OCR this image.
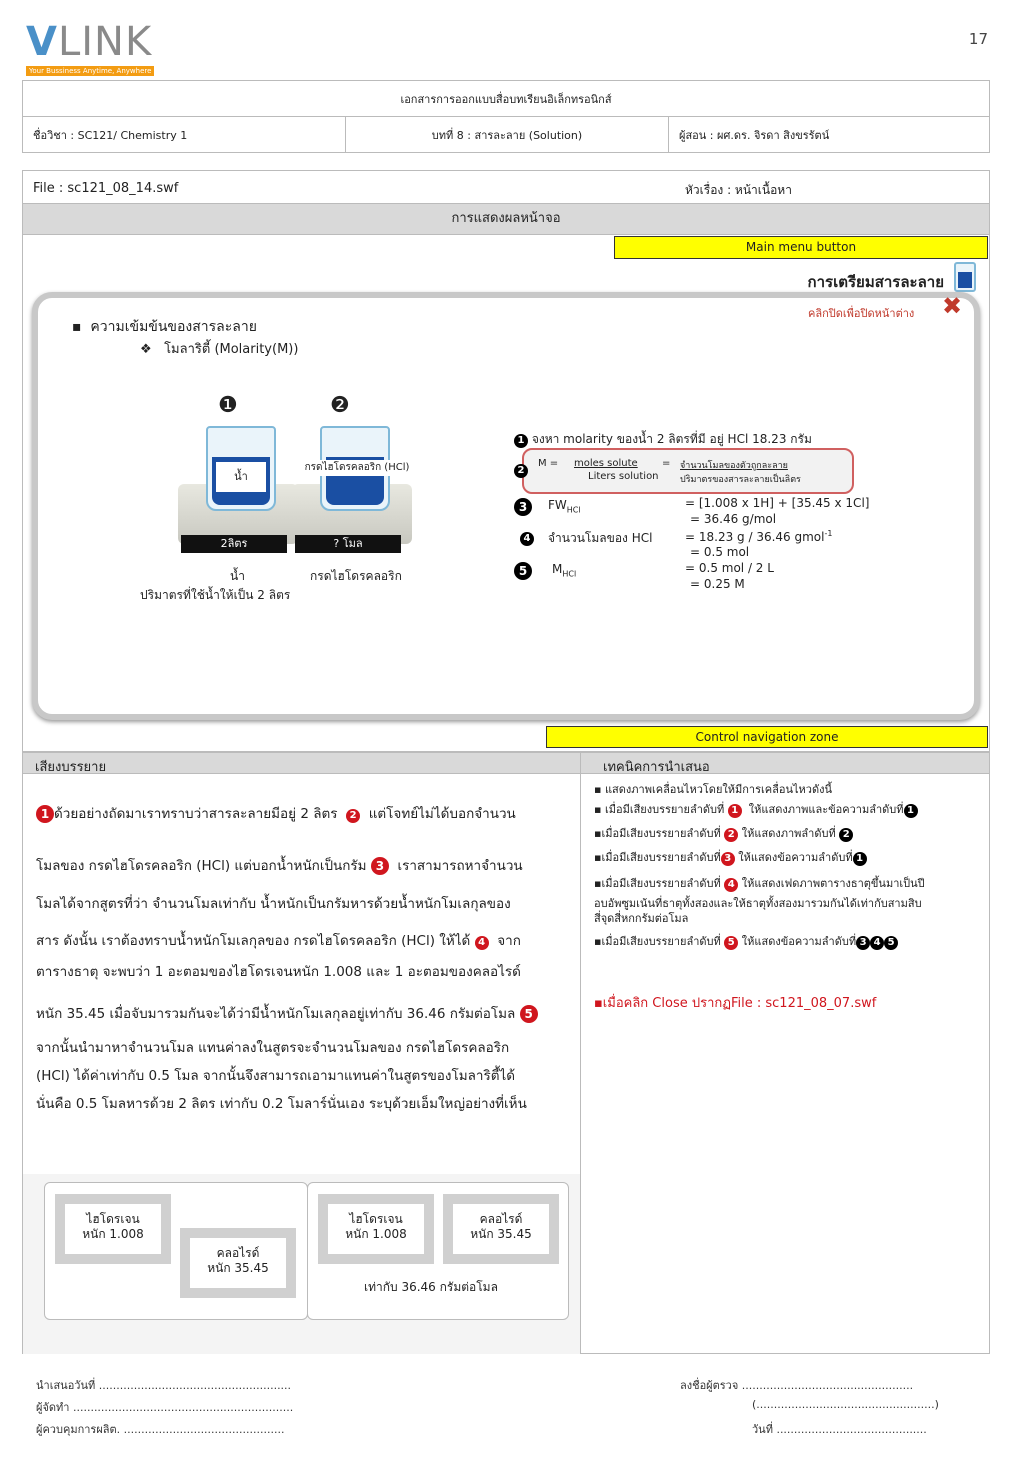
VLINK
Your Bussiness Anytime, Anywhere
17
เอกสารการออกแบบสื่อบทเรียนอิเล็กทรอนิกส์
ชื่อวิชา : SC121/ Chemistry 1	บทที่ 8 : สารละลาย (Solution)	ผู้สอน : ผศ.ดร. จิรดา สิงขรรัตน์
File : sc121_08_14.swf	หัวเรื่อง : หน้าเนื้อหา
การแสดงผลหน้าจอ
Main menu button
การเตรียมสารละลาย
คลิกปิดเพื่อปิดหน้าต่าง ✖
▪  ความเข้มข้นของสารละลาย
❖   โมลาริตี้ (Molarity(M))
❶	❷
น้ำ
กรดไฮโดรคลอริก (HCl)
2ลิตร	? โมล
น้ำ	กรดไฮโดรคลอริก
ปริมาตรที่ใช้น้ำให้เป็น 2 ลิตร
1 จงหา molarity ของน้ำ 2 ลิตรที่มี อยู่ HCl 18.23 กรัม
M = moles solute
Liters solution
= จำนวนโมลของตัวถูกละลาย
ปริมาตรของสารละลายเป็นลิตร
2
3	$FW_{HCl}$	= [1.008 x 1H] + [35.45 x 1Cl]
= 36.46 g/mol
4 จำนวนโมลของ HCl	= 18.23 g / 36.46 gmol$^{-1}$
= 0.5 mol
5	$M_{HCl}$	= 0.5 mol / 2 L
= 0.25 M
Control navigation zone
เสียงบรรยาย	เทคนิคการนำเสนอ
1 ด้วยอย่างถัดมาเราทราบว่าสารละลายมีอยู่ 2 ลิตร 2 แต่โจทย์ไม่ได้บอกจำนวน
โมลของ กรดไฮโดรคลอริก (HCl) แต่บอกน้ำหนักเป็นกรัม 3 เราสามารถหาจำนวน
โมลได้จากสูตรที่ว่า จำนวนโมลเท่ากับ น้ำหนักเป็นกรัมหารด้วยน้ำหนักโมเลกุลของ
สาร ดังนั้น เราต้องทราบน้ำหนักโมเลกุลของ กรดไฮโดรคลอริก (HCl) ให้ได้ 4 จาก
ตารางธาตุ จะพบว่า 1 อะตอมของไฮโดรเจนหนัก 1.008 และ 1 อะตอมของคลอไรด์
หนัก 35.45 เมื่อจับมารวมกันจะได้ว่ามีน้ำหนักโมเลกุลอยู่เท่ากับ 36.46 กรัมต่อโมล 5
จากนั้นนำมาหาจำนวนโมล แทนค่าลงในสูตรจะจำนวนโมลของ กรดไฮโดรคลอริก
(HCl) ได้ค่าเท่ากับ 0.5 โมล จากนั้นจึงสามารถเอามาแทนค่าในสูตรของโมลาริตี้ได้
นั่นคือ 0.5 โมลหารด้วย 2 ลิตร เท่ากับ 0.2 โมลาร์นั่นเอง ระบุด้วยเอ็มใหญ่อย่างที่เห็น
▪ แสดงภาพเคลื่อนไหวโดยให้มีการเคลื่อนไหวดังนี้
▪ เมื่อมีเสียงบรรยายลำดับที่ 1 ให้แสดงภาพและข้อความลำดับที่ 1
▪เมื่อมีเสียงบรรยายลำดับที่ 2 ให้แสดงภาพลำดับที่ 2
▪เมื่อมีเสียงบรรยายลำดับที่ 3 ให้แสดงข้อความลำดับที่ 1
▪เมื่อมีเสียงบรรยายลำดับที่ 4 ให้แสดงเฟดภาพตารางธาตุขึ้นมาเป็นปี
อบอัพซูมเน้นที่ธาตุทั้งสองและให้ธาตุทั้งสองมารวมกันได้เท่ากับสามสิบ
สี่จุดสี่หกกรัมต่อโมล
▪เมื่อมีเสียงบรรยายลำดับที่ 5 ให้แสดงข้อความลำดับที่ 3 4 5
▪เมื่อคลิก Close ปรากฏFile : sc121_08_07.swf
ไฮโดรเจน
หนัก 1.008
คลอไรด์
หนัก 35.45
ไฮโดรเจน
หนัก 1.008
คลอไรด์
หนัก 35.45
เท่ากับ 36.46 กรัมต่อโมล
นำเสนอวันที่ .......................................................
ผู้จัดทำ ...............................................................
ผู้ควบคุมการผลิต. ..............................................
ลงชื่อผู้ตรวจ .................................................
(...................................................)
วันที่ ...........................................
